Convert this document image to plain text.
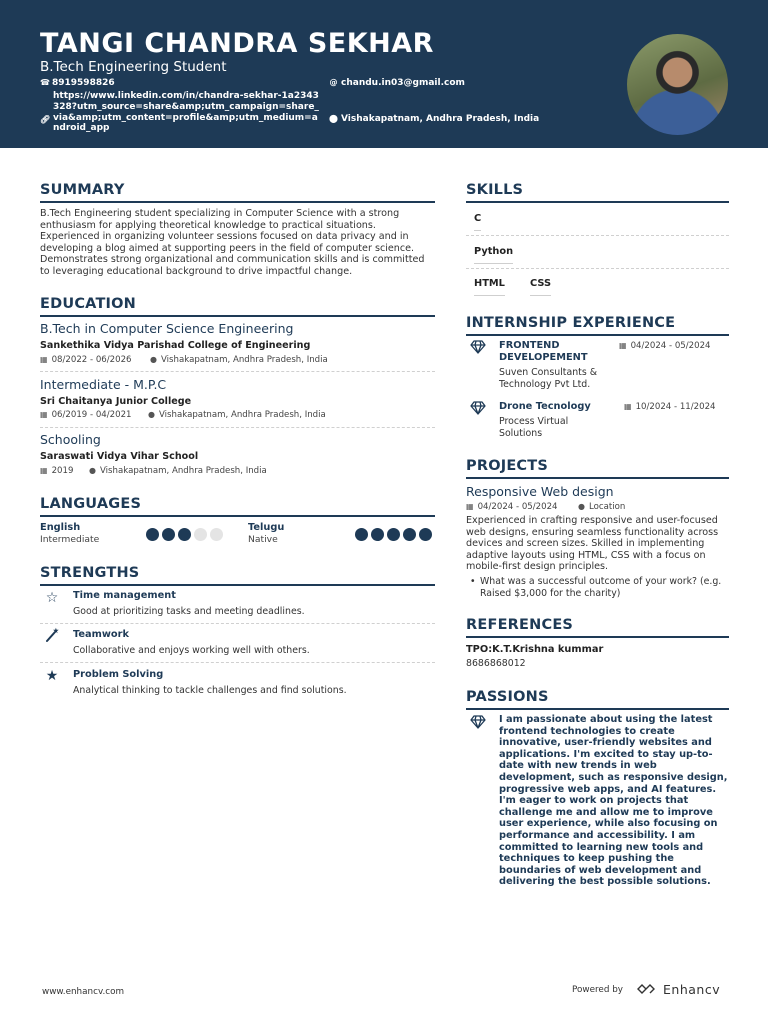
TANGI CHANDRA SEKHAR
B.Tech Engineering Student
☎ 8919598826
🔗︎
https://www.linkedin.com/in/chandra-sekhar-1a2343328?utm_source=share&amp;utm_campaign=share_via&amp;utm_content=profile&amp;utm_medium=android_app
@ chandu.in03@gmail.com
⬤ Vishakapatnam, Andhra Pradesh, India
SUMMARY
B.Tech Engineering student specializing in Computer Science with a strong enthusiasm for applying theoretical knowledge to practical situations. Experienced in organizing volunteer sessions focused on data privacy and in developing a blog aimed at supporting peers in the field of computer science. Demonstrates strong organizational and communication skills and is committed to leveraging educational background to drive impactful change.
EDUCATION
B.Tech in Computer Science Engineering
Sankethika Vidya Parishad College of Engineering
▦ 08/2022 - 06/2026 ● Vishakapatnam, Andhra Pradesh, India
Intermediate - M.P.C
Sri Chaitanya Junior College
▦ 06/2019 - 04/2021 ● Vishakapatnam, Andhra Pradesh, India
Schooling
Saraswati Vidya Vihar School
▦ 2019 ● Vishakapatnam, Andhra Pradesh, India
LANGUAGES
English
Intermediate
Telugu
Native
STRENGTHS
☆ Time management
Good at prioritizing tasks and meeting deadlines.
Teamwork
Collaborative and enjoys working well with others.
★ Problem Solving
Analytical thinking to tackle challenges and find solutions.
SKILLS
C
Python
HTML	CSS
INTERNSHIP EXPERIENCE
FRONTEND DEVELOPEMENT
Suven Consultants & Technology Pvt Ltd.
▦ 04/2024 - 05/2024
Drone Tecnology
Process Virtual Solutions
▦ 10/2024 - 11/2024
PROJECTS
Responsive Web design
▦ 04/2024 - 05/2024	● Location
Experienced in crafting responsive and user-focused web designs, ensuring seamless functionality across devices and screen sizes. Skilled in implementing adaptive layouts using HTML, CSS with a focus on mobile-first design principles.
• What was a successful outcome of your work? (e.g. Raised $3,000 for the charity)
REFERENCES
TPO:K.T.Krishna kummar
8686868012
PASSIONS
I am passionate about using the latest frontend technologies to create innovative, user-friendly websites and applications. I'm excited to stay up-to-date with new trends in web development, such as responsive design, progressive web apps, and AI features. I'm eager to work on projects that challenge me and allow me to improve user experience, while also focusing on performance and accessibility. I am committed to learning new tools and techniques to keep pushing the boundaries of web development and delivering the best possible solutions.
www.enhancv.com	Powered by	Enhancv
